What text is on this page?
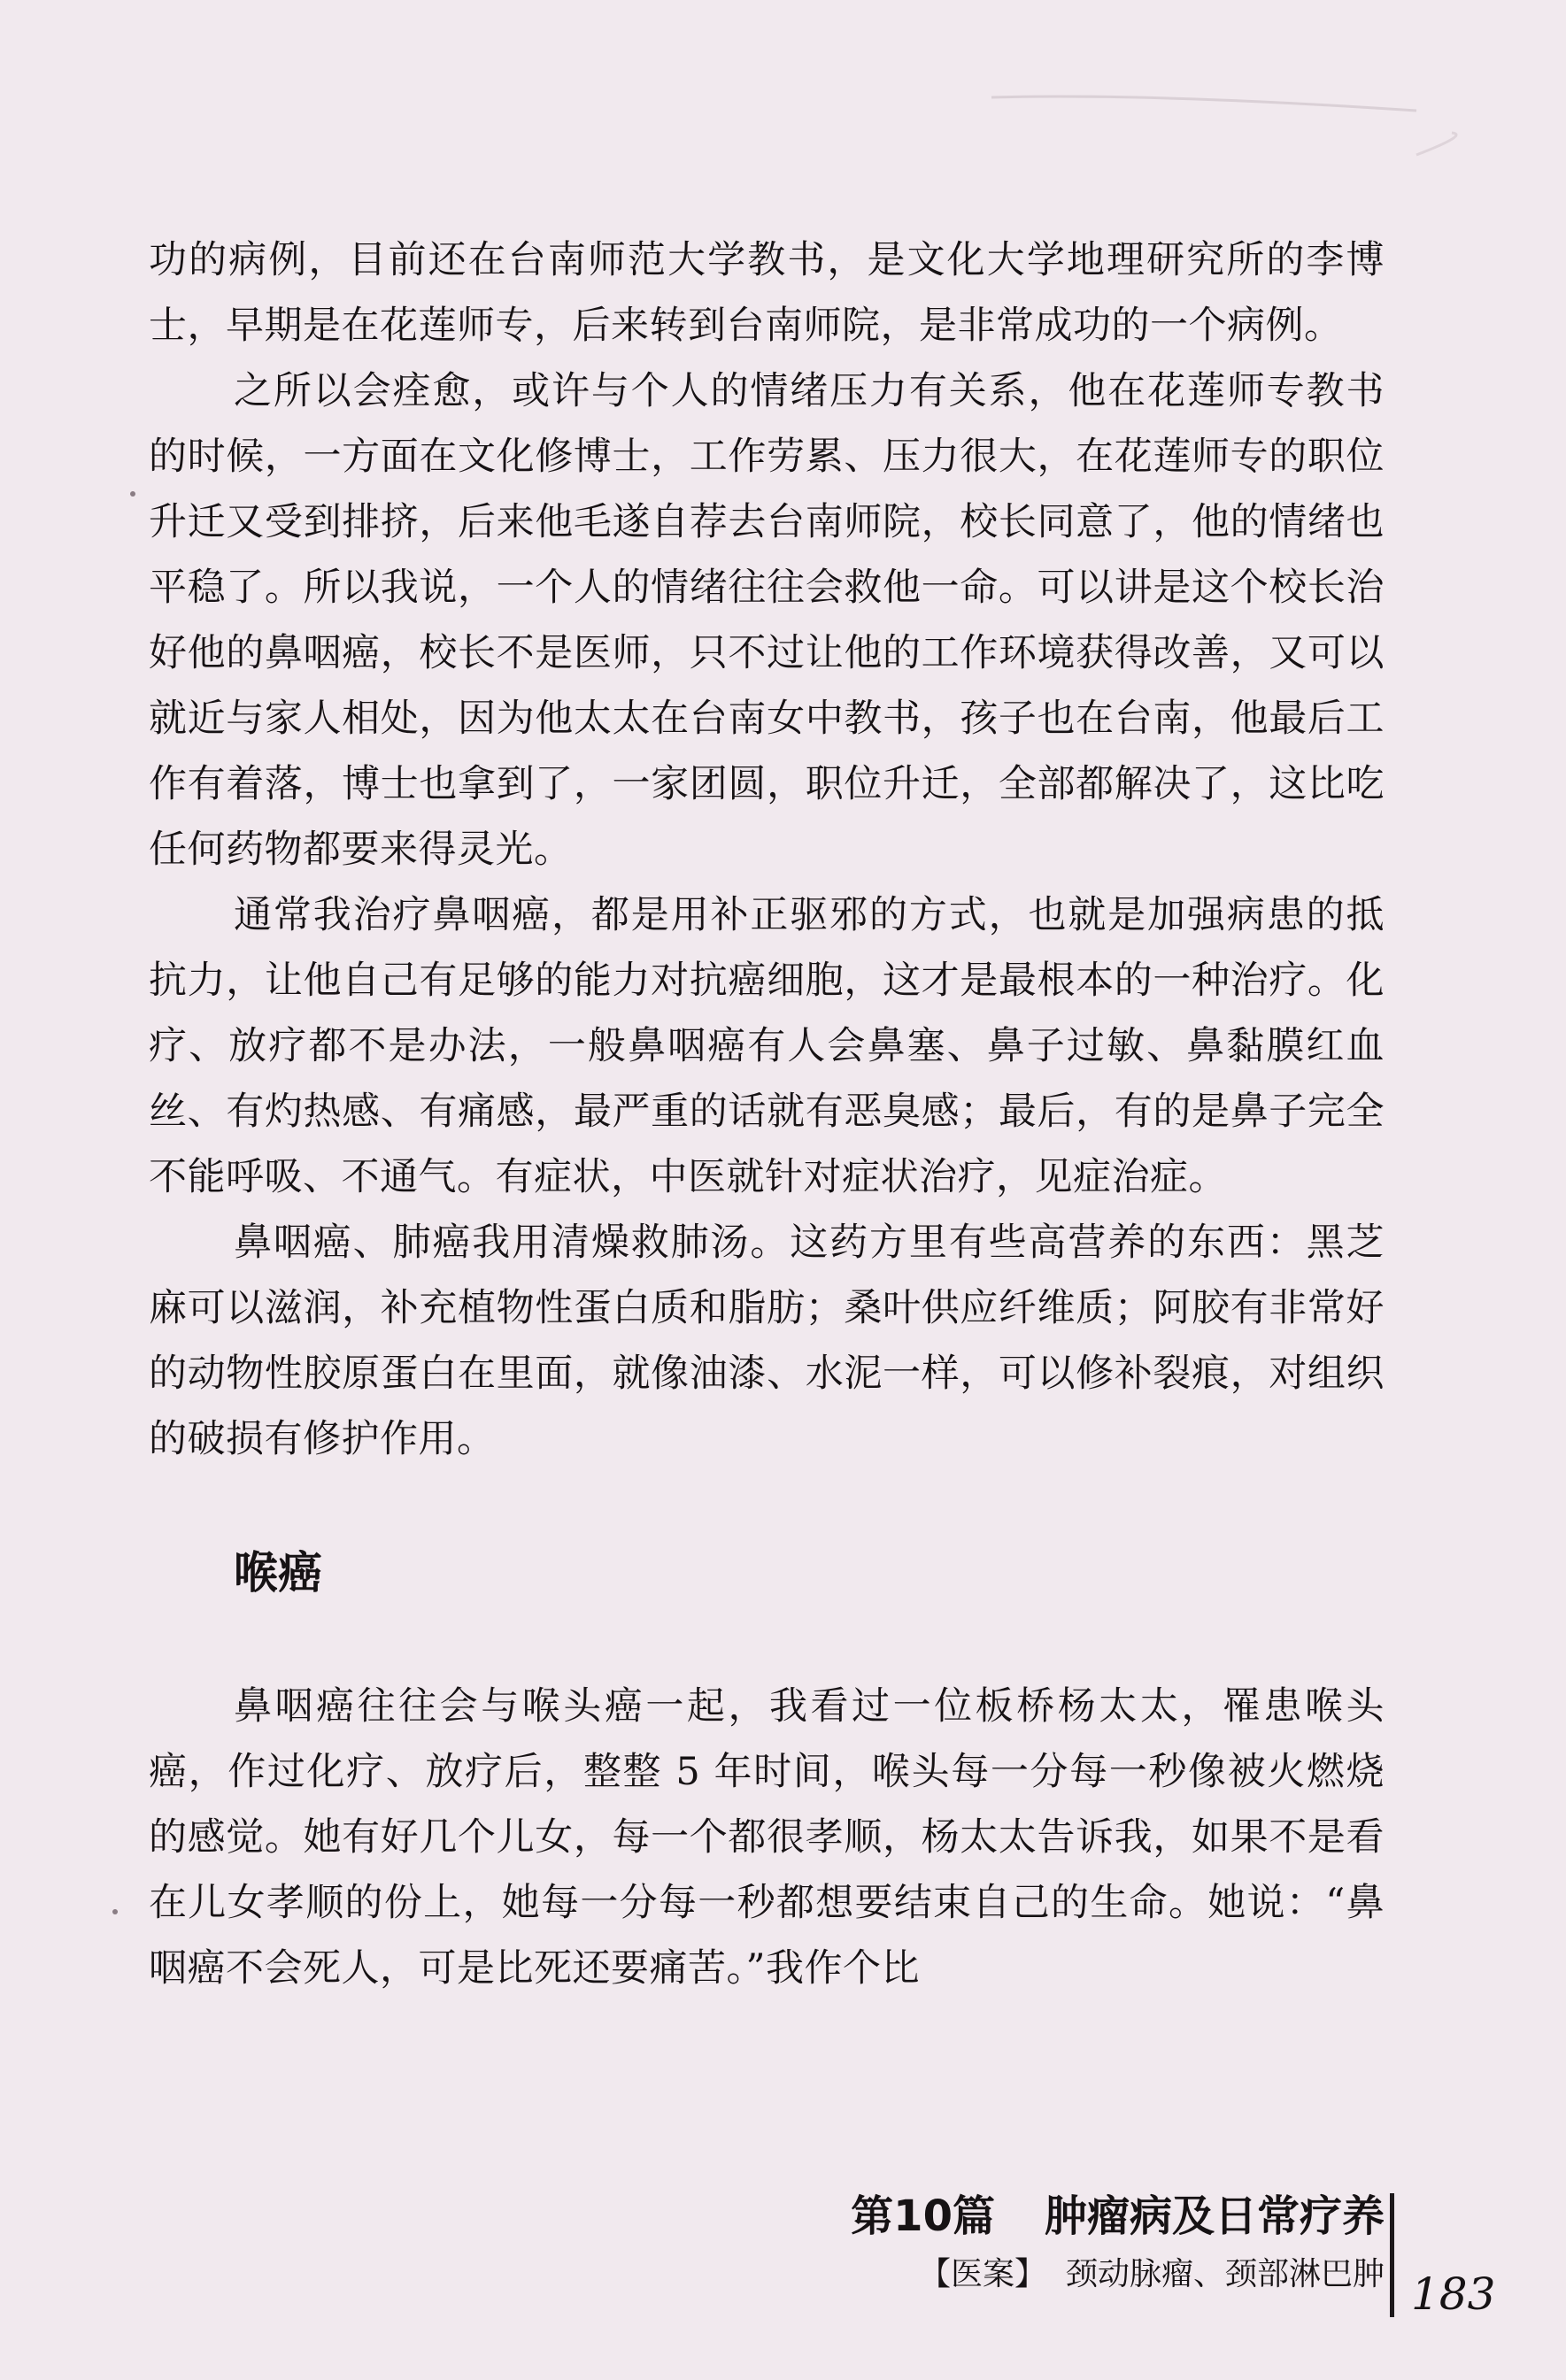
功的病例，目前还在台南师范大学教书，是文化大学地理研究所的李博士，早期是在花莲师专，后来转到台南师院，是非常成功的一个病例。

之所以会痊愈，或许与个人的情绪压力有关系，他在花莲师专教书的时候，一方面在文化修博士，工作劳累、压力很大，在花莲师专的职位升迁又受到排挤，后来他毛遂自荐去台南师院，校长同意了，他的情绪也平稳了。所以我说，一个人的情绪往往会救他一命。可以讲是这个校长治好他的鼻咽癌，校长不是医师，只不过让他的工作环境获得改善，又可以就近与家人相处，因为他太太在台南女中教书，孩子也在台南，他最后工作有着落，博士也拿到了，一家团圆，职位升迁，全部都解决了，这比吃任何药物都要来得灵光。

通常我治疗鼻咽癌，都是用补正驱邪的方式，也就是加强病患的抵抗力，让他自己有足够的能力对抗癌细胞，这才是最根本的一种治疗。化疗、放疗都不是办法，一般鼻咽癌有人会鼻塞、鼻子过敏、鼻黏膜红血丝、有灼热感、有痛感，最严重的话就有恶臭感；最后，有的是鼻子完全不能呼吸、不通气。有症状，中医就针对症状治疗，见症治症。

鼻咽癌、肺癌我用清燥救肺汤。这药方里有些高营养的东西：黑芝麻可以滋润，补充植物性蛋白质和脂肪；桑叶供应纤维质；阿胶有非常好的动物性胶原蛋白在里面，就像油漆、水泥一样，可以修补裂痕，对组织的破损有修护作用。

喉癌

鼻咽癌往往会与喉头癌一起，我看过一位板桥杨太太，罹患喉头癌，作过化疗、放疗后，整整 5 年时间，喉头每一分每一秒像被火燃烧的感觉。她有好几个儿女，每一个都很孝顺，杨太太告诉我，如果不是看在儿女孝顺的份上，她每一分每一秒都想要结束自己的生命。她说：“鼻咽癌不会死人，可是比死还要痛苦。”我作个比

第10篇 肿瘤病及日常疗养
【医案】 颈动脉瘤、颈部淋巴肿 183
